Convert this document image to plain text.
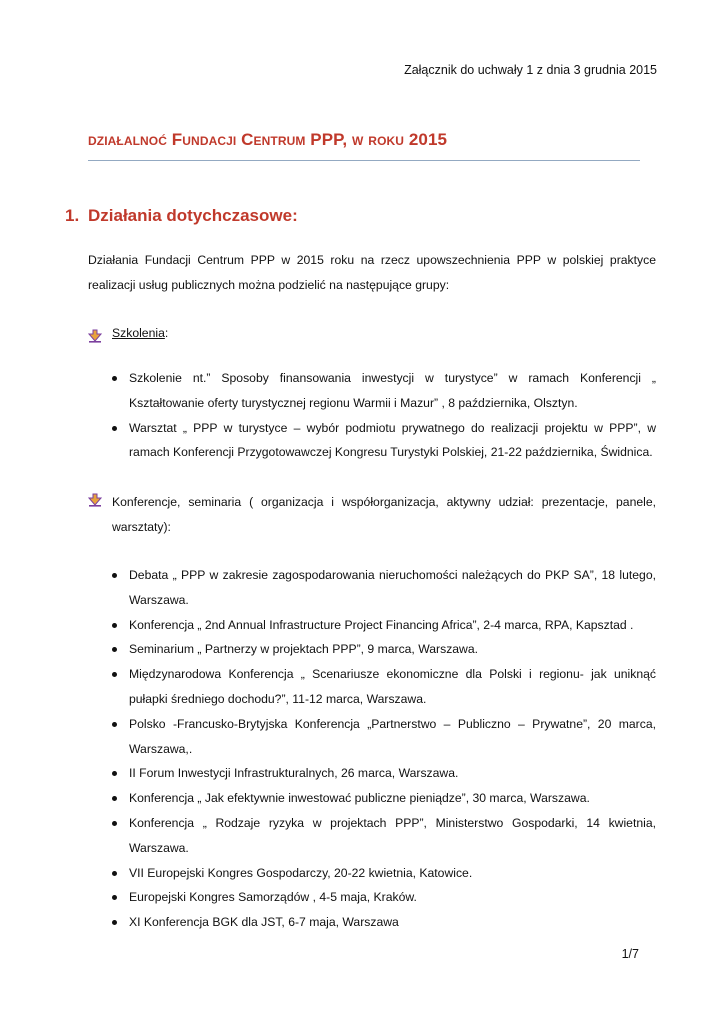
Załącznik do uchwały 1 z dnia 3 grudnia 2015
działalnoć Fundacji Centrum PPP, w roku 2015
1. Działania dotychczasowe:
Działania Fundacji Centrum PPP w 2015 roku na rzecz upowszechnienia PPP w polskiej praktyce realizacji usług publicznych można podzielić na następujące grupy:
Szkolenia:
Szkolenie nt.” Sposoby finansowania inwestycji w turystyce” w ramach Konferencji „ Kształtowanie oferty turystycznej regionu Warmii i Mazur” , 8 października, Olsztyn.
Warsztat „ PPP w turystyce – wybór podmiotu prywatnego do realizacji projektu w PPP”, w ramach Konferencji Przygotowawczej Kongresu Turystyki Polskiej, 21-22 października, Świdnica.
Konferencje, seminaria ( organizacja i współorganizacja, aktywny udział: prezentacje, panele, warsztaty):
Debata „ PPP w zakresie zagospodarowania nieruchomości należących do PKP SA”, 18 lutego, Warszawa.
Konferencja „ 2nd Annual Infrastructure Project Financing Africa”, 2-4 marca, RPA, Kapsztad .
Seminarium „ Partnerzy w projektach PPP”, 9 marca, Warszawa.
Międzynarodowa Konferencja „ Scenariusze ekonomiczne dla Polski i regionu- jak uniknąć pułapki średniego dochodu?”, 11-12 marca, Warszawa.
Polsko -Francusko-Brytyjska Konferencja „Partnerstwo – Publiczno – Prywatne”, 20 marca, Warszawa,.
II Forum Inwestycji Infrastrukturalnych, 26 marca, Warszawa.
Konferencja „ Jak efektywnie inwestować publiczne pieniądze”, 30 marca, Warszawa.
Konferencja „ Rodzaje ryzyka w projektach PPP”, Ministerstwo Gospodarki, 14 kwietnia, Warszawa.
VII Europejski Kongres Gospodarczy, 20-22 kwietnia, Katowice.
Europejski Kongres Samorządów , 4-5 maja, Kraków.
XI Konferencja BGK dla JST, 6-7 maja, Warszawa
1/7
